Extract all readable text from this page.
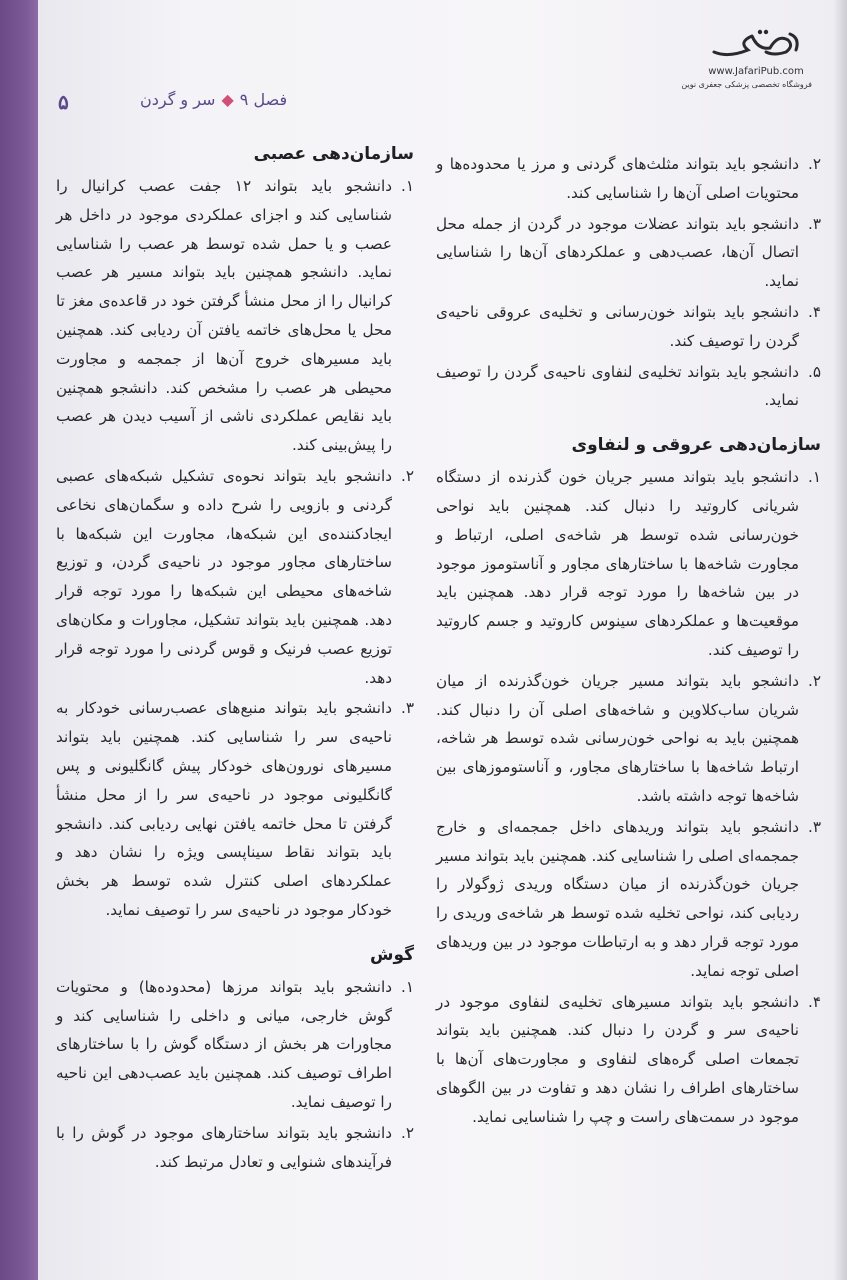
www.JafariPub.com
فروشگاه تخصصی پزشکی جعفری نوین
۵	فصل ۹◆سر و گردن

۲.
دانشجو باید بتواند مثلث‌های گردنی و مرز یا محدوده‌ها و محتویات اصلی آن‌ها را شناسایی کند.

۳.
دانشجو باید بتواند عضلات موجود در گردن از جمله محل اتصال آن‌ها، عصب‌دهی و عملکردهای آن‌ها را شناسایی نماید.

۴.
دانشجو باید بتواند خون‌رسانی و تخلیه‌ی عروقی ناحیه‌ی گردن را توصیف کند.

۵.
دانشجو باید بتواند تخلیه‌ی لنفاوی ناحیه‌ی گردن را توصیف نماید.

سازمان‌دهی عروقی و لنفاوی

۱.
دانشجو باید بتواند مسیر جریان خون گذرنده از دستگاه شریانی کاروتید را دنبال کند. همچنین باید نواحی خون‌رسانی شده توسط هر شاخه‌ی اصلی، ارتباط و مجاورت شاخه‌ها با ساختارهای مجاور و آناستوموز موجود در بین شاخه‌ها را مورد توجه قرار دهد. همچنین باید موقعیت‌ها و عملکردهای سینوس کاروتید و جسم کاروتید را توصیف کند.

۲.
دانشجو باید بتواند مسیر جریان خون‌گذرنده از میان شریان ساب‌کلاوین و شاخه‌های اصلی آن را دنبال کند. همچنین باید به نواحی خون‌رسانی شده توسط هر شاخه، ارتباط شاخه‌ها با ساختارهای مجاور، و آناستوموزهای بین شاخه‌ها توجه داشته باشد.

۳.
دانشجو باید بتواند وریدهای داخل جمجمه‌ای و خارج جمجمه‌ای اصلی را شناسایی کند. همچنین باید بتواند مسیر جریان خون‌گذرنده از میان دستگاه وریدی ژوگولار را ردیابی کند، نواحی تخلیه شده توسط هر شاخه‌ی وریدی را مورد توجه قرار دهد و به ارتباطات موجود در بین وریدهای اصلی توجه نماید.

۴.
دانشجو باید بتواند مسیرهای تخلیه‌ی لنفاوی موجود در ناحیه‌ی سر و گردن را دنبال کند. همچنین باید بتواند تجمعات اصلی گره‌های لنفاوی و مجاورت‌های آن‌ها با ساختارهای اطراف را نشان دهد و تفاوت در بین الگوهای موجود در سمت‌های راست و چپ را شناسایی نماید.

سازمان‌دهی عصبی

۱.
دانشجو باید بتواند ۱۲ جفت عصب کرانیال را شناسایی کند و اجزای عملکردی موجود در داخل هر عصب و یا حمل شده توسط هر عصب را شناسایی نماید. دانشجو همچنین باید بتواند مسیر هر عصب کرانیال را از محل منشأ گرفتن خود در قاعده‌ی مغز تا محل یا محل‌های خاتمه یافتن آن ردیابی کند. همچنین باید مسیرهای خروج آن‌ها از جمجمه و مجاورت محیطی هر عصب را مشخص کند. دانشجو همچنین باید نقایص عملکردی ناشی از آسیب دیدن هر عصب را پیش‌بینی کند.

۲.
دانشجو باید بتواند نحوه‌ی تشکیل شبکه‌های عصبی گردنی و بازویی را شرح داده و سگمان‌های نخاعی ایجادکننده‌ی این شبکه‌ها، مجاورت این شبکه‌ها با ساختارهای مجاور موجود در ناحیه‌ی گردن، و توزیع شاخه‌های محیطی این شبکه‌ها را مورد توجه قرار دهد. همچنین باید بتواند تشکیل، مجاورات و مکان‌های توزیع عصب فرنیک و قوس گردنی را مورد توجه قرار دهد.

۳.
دانشجو باید بتواند منبع‌های عصب‌رسانی خودکار به ناحیه‌ی سر را شناسایی کند. همچنین باید بتواند مسیرهای نورون‌های خودکار پیش گانگلیونی و پس گانگلیونی موجود در ناحیه‌ی سر را از محل منشأ گرفتن تا محل خاتمه یافتن نهایی ردیابی کند. دانشجو باید بتواند نقاط سیناپسی ویژه را نشان دهد و عملکردهای اصلی کنترل شده توسط هر بخش خودکار موجود در ناحیه‌ی سر را توصیف نماید.

گوش

۱.
دانشجو باید بتواند مرزها (محدوده‌ها) و محتویات گوش خارجی، میانی و داخلی را شناسایی کند و مجاورات هر بخش از دستگاه گوش را با ساختارهای اطراف توصیف کند. همچنین باید عصب‌دهی این ناحیه را توصیف نماید.

۲.
دانشجو باید بتواند ساختارهای موجود در گوش را با فرآیندهای شنوایی و تعادل مرتبط کند.
